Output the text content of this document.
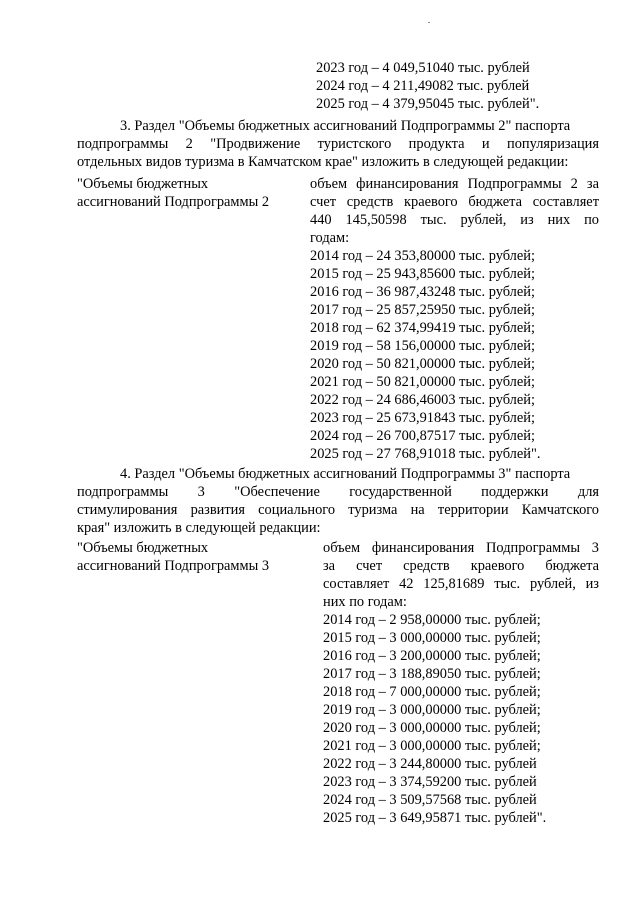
2023 год – 4 049,51040 тыс. рублей
2024 год – 4 211,49082 тыс. рублей
2025 год – 4 379,95045 тыс. рублей".
3. Раздел "Объемы бюджетных ассигнований Подпрограммы 2" паспорта
подпрограммы 2 "Продвижение туристского продукта и популяризация
отдельных видов туризма в Камчатском крае" изложить в следующей редакции:
"Объемы бюджетных
ассигнований Подпрограммы 2
объем финансирования Подпрограммы 2 за
счет средств краевого бюджета составляет
440 145,50598 тыс. рублей, из них по
годам:
2014 год – 24 353,80000 тыс. рублей;
2015 год – 25 943,85600 тыс. рублей;
2016 год – 36 987,43248 тыс. рублей;
2017 год – 25 857,25950 тыс. рублей;
2018 год – 62 374,99419 тыс. рублей;
2019 год – 58 156,00000 тыс. рублей;
2020 год – 50 821,00000 тыс. рублей;
2021 год – 50 821,00000 тыс. рублей;
2022 год – 24 686,46003 тыс. рублей;
2023 год – 25 673,91843 тыс. рублей;
2024 год – 26 700,87517 тыс. рублей;
2025 год – 27 768,91018 тыс. рублей".
4. Раздел "Объемы бюджетных ассигнований Подпрограммы 3" паспорта
подпрограммы 3 "Обеспечение государственной поддержки для
стимулирования развития социального туризма на территории Камчатского
края" изложить в следующей редакции:
"Объемы бюджетных
ассигнований Подпрограммы 3
объем финансирования Подпрограммы 3
за счет средств краевого бюджета
составляет 42 125,81689 тыс. рублей, из
них по годам:
2014 год – 2 958,00000 тыс. рублей;
2015 год – 3 000,00000 тыс. рублей;
2016 год – 3 200,00000 тыс. рублей;
2017 год – 3 188,89050 тыс. рублей;
2018 год – 7 000,00000 тыс. рублей;
2019 год – 3 000,00000 тыс. рублей;
2020 год – 3 000,00000 тыс. рублей;
2021 год – 3 000,00000 тыс. рублей;
2022 год – 3 244,80000 тыс. рублей
2023 год – 3 374,59200 тыс. рублей
2024 год – 3 509,57568 тыс. рублей
2025 год – 3 649,95871 тыс. рублей".
